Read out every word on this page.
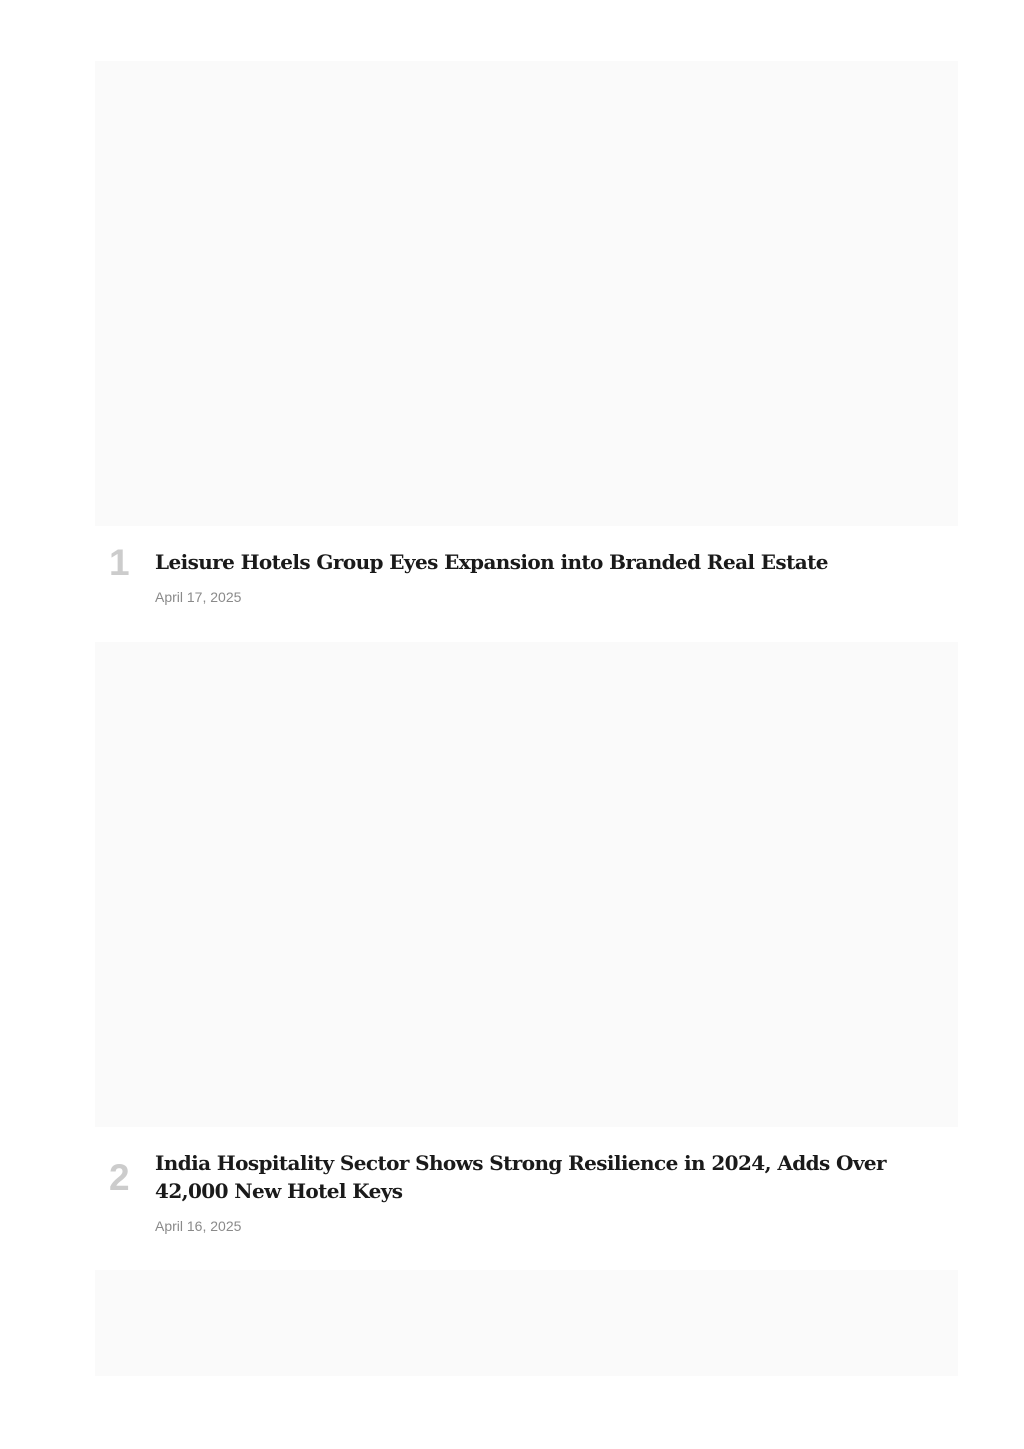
1 Leisure Hotels Group Eyes Expansion into Branded Real Estate
April 17, 2025
2 India Hospitality Sector Shows Strong Resilience in 2024, Adds Over 42,000 New Hotel Keys
April 16, 2025
